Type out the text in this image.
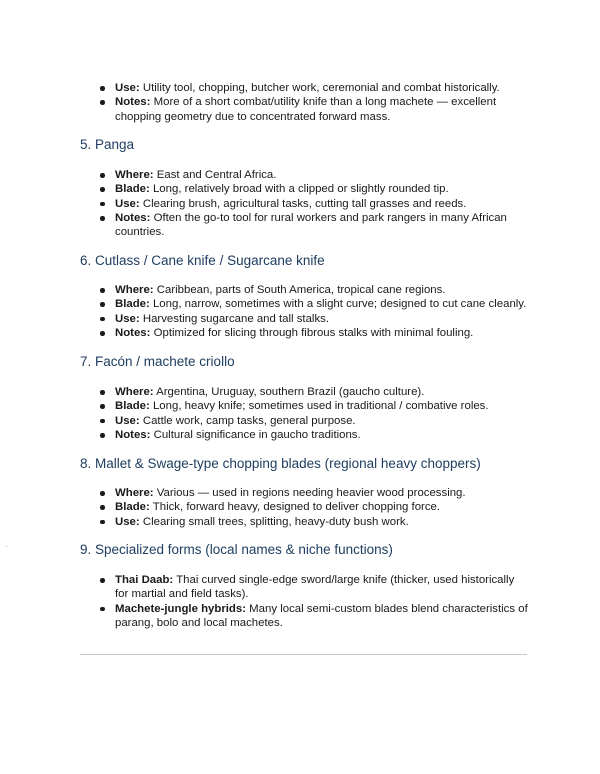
Use: Utility tool, chopping, butcher work, ceremonial and combat historically.
Notes: More of a short combat/utility knife than a long machete — excellent chopping geometry due to concentrated forward mass.
5. Panga
Where: East and Central Africa.
Blade: Long, relatively broad with a clipped or slightly rounded tip.
Use: Clearing brush, agricultural tasks, cutting tall grasses and reeds.
Notes: Often the go-to tool for rural workers and park rangers in many African countries.
6. Cutlass / Cane knife / Sugarcane knife
Where: Caribbean, parts of South America, tropical cane regions.
Blade: Long, narrow, sometimes with a slight curve; designed to cut cane cleanly.
Use: Harvesting sugarcane and tall stalks.
Notes: Optimized for slicing through fibrous stalks with minimal fouling.
7. Facón / machete criollo
Where: Argentina, Uruguay, southern Brazil (gaucho culture).
Blade: Long, heavy knife; sometimes used in traditional / combative roles.
Use: Cattle work, camp tasks, general purpose.
Notes: Cultural significance in gaucho traditions.
8. Mallet & Swage-type chopping blades (regional heavy choppers)
Where: Various — used in regions needing heavier wood processing.
Blade: Thick, forward heavy, designed to deliver chopping force.
Use: Clearing small trees, splitting, heavy-duty bush work.
9. Specialized forms (local names & niche functions)
Thai Daab: Thai curved single-edge sword/large knife (thicker, used historically for martial and field tasks).
Machete-jungle hybrids: Many local semi-custom blades blend characteristics of parang, bolo and local machetes.
